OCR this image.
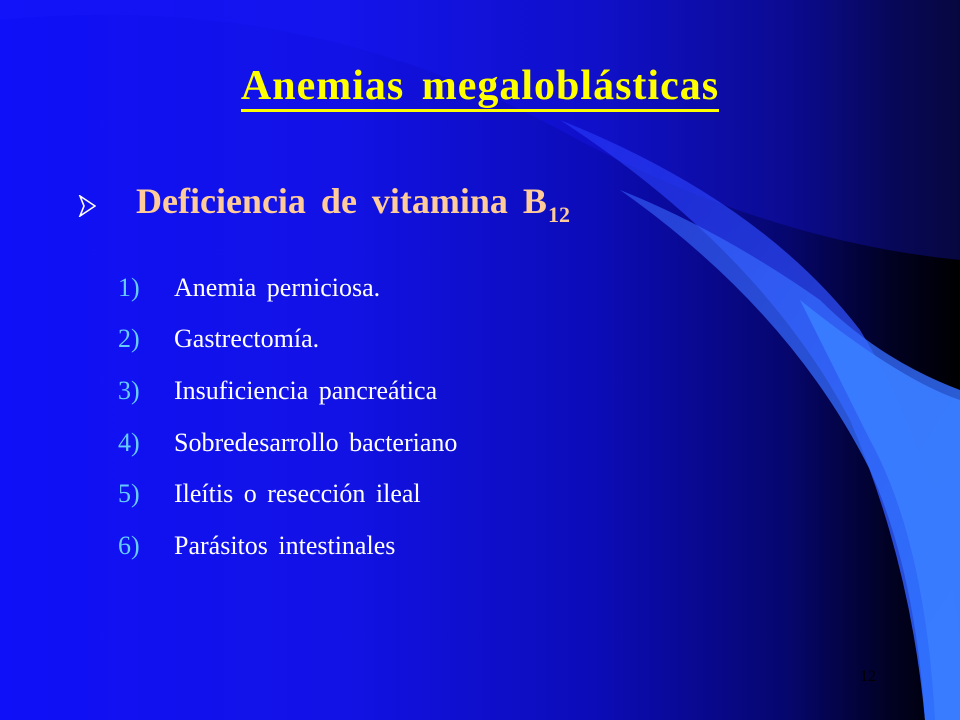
Anemias megaloblásticas
Deficiencia de vitamina $B_{12}$
1)	Anemia perniciosa.
2)	Gastrectomía.
3)	Insuficiencia pancreática
4)	Sobredesarrollo bacteriano
5)	Ileítis o resección ileal
6)	Parásitos intestinales
12
